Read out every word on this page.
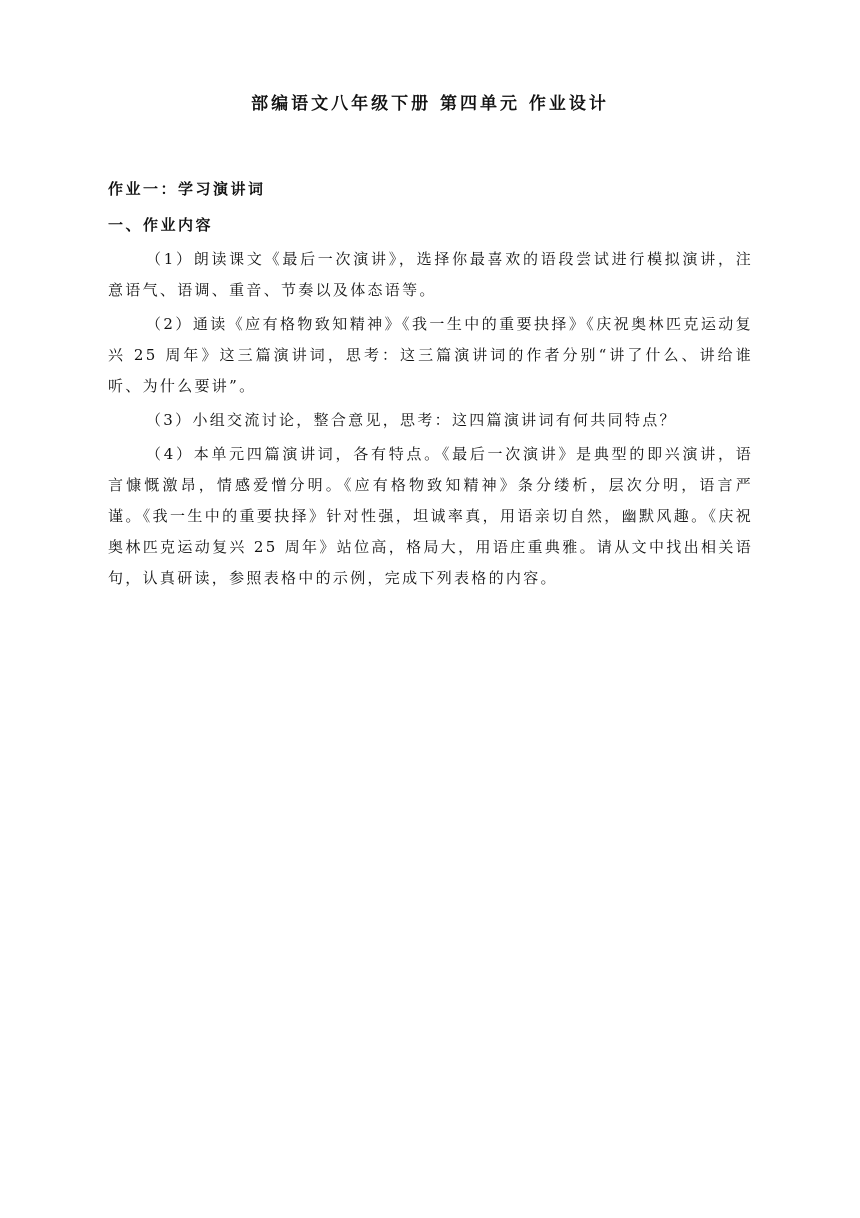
部编语文八年级下册 第四单元 作业设计

作业一：学习演讲词

一、作业内容

（1）朗读课文《最后一次演讲》，选择你最喜欢的语段尝试进行模拟演讲，注意语气、语调、重音、节奏以及体态语等。

（2）通读《应有格物致知精神》《我一生中的重要抉择》《庆祝奥林匹克运动复兴 25 周年》这三篇演讲词，思考：这三篇演讲词的作者分别“讲了什么、讲给谁听、为什么要讲”。

（3）小组交流讨论，整合意见，思考：这四篇演讲词有何共同特点？

（4）本单元四篇演讲词，各有特点。《最后一次演讲》是典型的即兴演讲，语言慷慨激昂，情感爱憎分明。《应有格物致知精神》条分缕析，层次分明，语言严谨。《我一生中的重要抉择》针对性强，坦诚率真，用语亲切自然，幽默风趣。《庆祝奥林匹克运动复兴 25 周年》站位高，格局大，用语庄重典雅。请从文中找出相关语句，认真研读，参照表格中的示例，完成下列表格的内容。
